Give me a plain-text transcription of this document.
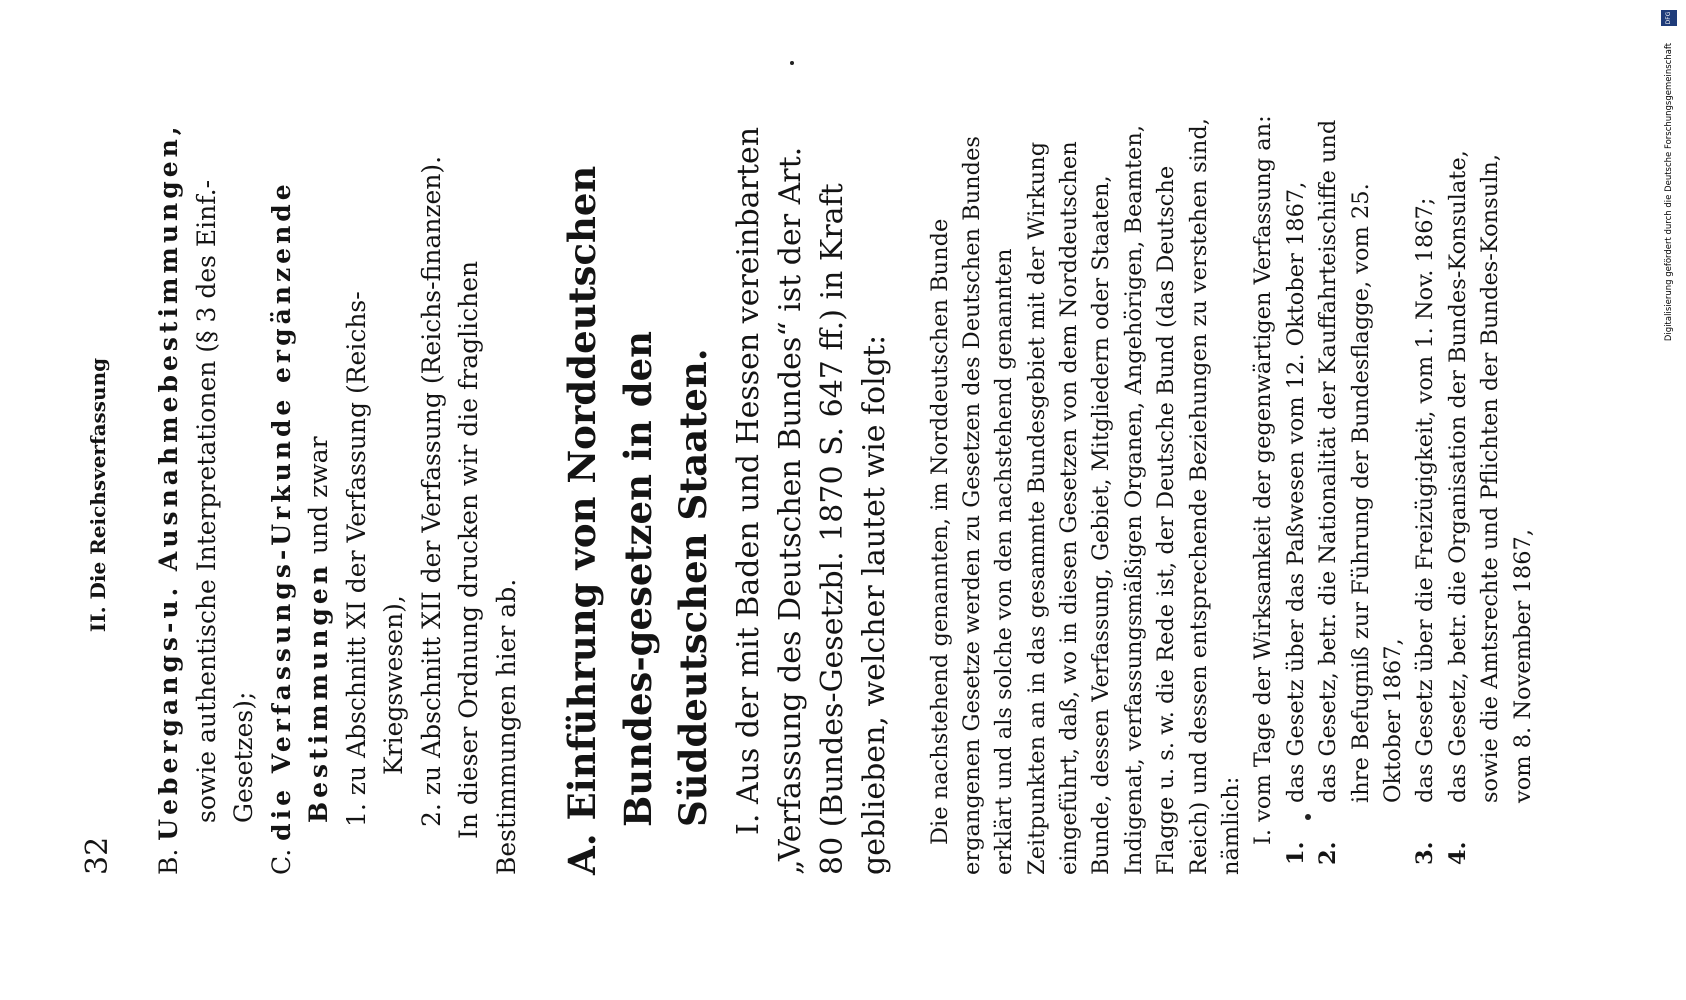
32
II. Die Reichsverfassung

B. Uebergangs-u. Ausnahmebestimmungen, sowie authentische Interpretationen (§ 3 des Einf.-Gesetzes);

C. die Verfassungs-Urkunde ergänzende Bestimmungen und zwar

1. zu Abschnitt XI der Verfassung (Reichs-Kriegswesen),

2. zu Abschnitt XII der Verfassung (Reichs-finanzen). In dieser Ordnung drucken wir die fraglichen Bestimmungen hier ab. A. Einführung von Norddeutschen Bundes-gesetzen in den Süddeutschen Staaten. I. Aus der mit Baden und Hessen vereinbarten „Verfassung des Deutschen Bundes“ ist der Art. 80 (Bundes-Gesetzbl. 1870 S. 647 ff.) in Kraft geblieben, welcher lautet wie folgt: Die nachstehend genannten, im Norddeutschen Bunde ergangenen Gesetze werden zu Gesetzen des Deutschen Bundes erklärt und als solche von den nachstehend genannten Zeitpunkten an in das gesammte Bundesgebiet mit der Wirkung eingeführt, daß, wo in diesen Gesetzen von dem Norddeutschen Bunde, dessen Verfassung, Gebiet, Mitgliedern oder Staaten, Indigenat, verfassungsmäßigen Organen, Angehörigen, Beamten, Flagge u. s. w. die Rede ist, der Deutsche Bund (das Deutsche Reich) und dessen entsprechende Beziehungen zu verstehen sind, nämlich: I. vom Tage der Wirksamkeit der gegenwärtigen Verfassung an:

1.
das Gesetz über das Paßwesen vom 12. Oktober 1867,
2.
das Gesetz, betr. die Nationalität der Kauffahrteischiffe und ihre Befugniß zur Führung der Bundesflagge, vom 25. Oktober 1867,
3.
das Gesetz über die Freizügigkeit, vom 1. Nov. 1867;
4.
das Gesetz, betr. die Organisation der Bundes-Konsulate, sowie die Amtsrechte und Pflichten der Bundes-Konsuln, vom 8. November 1867,
Digitalisierung gefördert durch die Deutsche Forschungsgemeinschaft
DFG
